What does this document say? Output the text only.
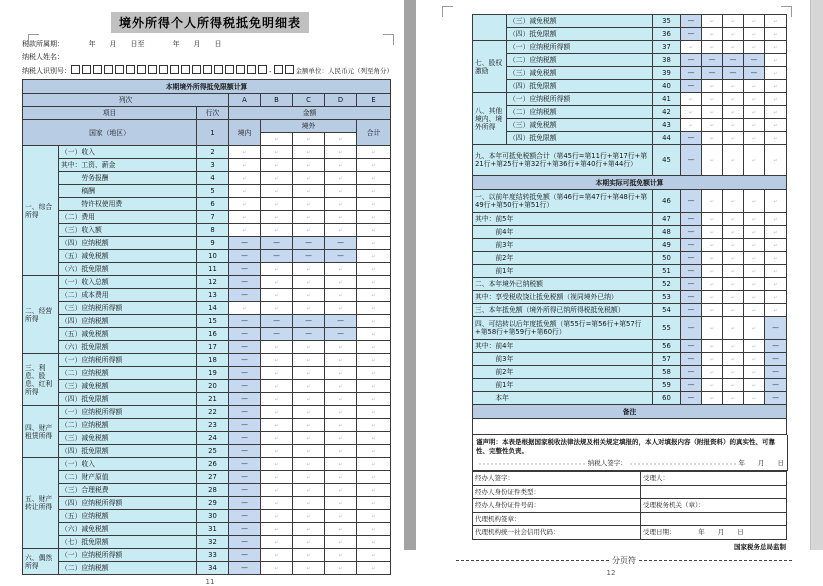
境外所得个人所得税抵免明细表
税款所属期：　　　　年　　月　　日至　　　　年　　月　　日
纳税人姓名：
纳税人识别号：	-	金额单位：人民币元（列至角分）
本期境外所得抵免限额计算							
列次			A	B	C	D	E
项目		行次	金额				
国家（地区）		1	境内	境外			合计
↵	↵	↵
一、综合所得	（一）收入	2	↵	↵	↵	↵	↵
	其中：工资、薪金	3	↵	↵	↵	↵	↵
	　　　劳务报酬	4	↵	↵	↵	↵	↵
	　　　稿酬	5	↵	↵	↵	↵	↵
	　　　特许权使用费	6	↵	↵	↵	↵	↵
	（二）费用	7	↵	↵	↵	↵	↵
	（三）收入额	8	↵	↵	↵	↵	↵
	（四）应纳税额	9	—	—	—	—	↵
	（五）减免税额	10	—	—	—	—	↵
	（六）抵免限额	11	—	↵	↵	↵	↵
二、经营所得	（一）收入总额	12	—	↵	↵	↵	↵
	（二）成本费用	13	—	↵	↵	↵	↵
	（三）应纳税所得额	14	↵	↵	↵	↵	↵
	（四）应纳税额	15	—	—	—	—	↵
	（五）减免税额	16	—	—	—	—	↵
	（六）抵免限额	17	—	↵	↵	↵	↵
三、利息、股息、红利所得	（一）应纳税所得额	18	—	↵	↵	↵	↵
	（二）应纳税额	19	—	↵	↵	↵	↵
	（三）减免税额	20	—	↵	↵	↵	↵
	（四）抵免限额	21	—	↵	↵	↵	↵
四、财产租赁所得	（一）应纳税所得额	22	—	↵	↵	↵	↵
	（二）应纳税额	23	—	↵	↵	↵	↵
	（三）减免税额	24	—	↵	↵	↵	↵
	（四）抵免限额	25	—	↵	↵	↵	↵
五、财产转让所得	（一）收入	26	—	↵	↵	↵	↵
	（二）财产原值	27	—	↵	↵	↵	↵
	（三）合理税费	28	—	↵	↵	↵	↵
	（四）应纳税所得额	29	—	↵	↵	↵	↵
	（五）应纳税额	30	—	↵	↵	↵	↵
	（六）减免税额	31	—	↵	↵	↵	↵
	（七）抵免限额	32	—	↵	↵	↵	↵
六、偶然所得	（一）应纳税所得额	33	—	↵	↵	↵	↵
	（二）应纳税额	34	—	↵	↵	↵	↵
11
	（三）减免税额	35	—	↵	↵	↵	↵
	（四）抵免限额	36	—	↵	↵	↵	↵
七、股权激励	（一）应纳税所得额	37	↵	↵	↵	↵	↵
	（二）应纳税额	38	—	—	—	—	↵
	（三）减免税额	39	—	—	—	—	↵
	（四）抵免限额	40	—	↵	↵	↵	↵
八、其他境内、境外所得	（一）应纳税所得额	41	↵	↵	↵	↵	↵
	（二）应纳税额	42	↵	↵	↵	↵	↵
	（三）减免税额	43	↵	↵	↵	↵	↵
	（四）抵免限额	44	—	↵	↵	↵	↵
九、本年可抵免税额合计（第45行=第11行+第17行+第21行+第25行+第32行+第36行+第40行+第44行）		45	—	↵	↵	↵	↵
本期实际可抵免额计算							
一、以前年度结转抵免额（第46行=第47行+第48行+第49行+第50行+第51行）		46	—	↵	↵	↵	↵
其中：前5年		47	—	↵	↵	↵	↵
　　　前4年		48	—	↵	↵	↵	↵
　　　前3年		49	—	↵	↵	↵	↵
　　　前2年		50	—	↵	↵	↵	↵
　　　前1年		51	—	↵	↵	↵	↵
二、本年境外已纳税额		52	—	↵	↵	↵	↵
其中：享受税收饶让抵免税额（视同境外已纳）		53	—	↵	↵	↵	↵
三、本年抵免额（境外所得已纳所得税抵免税额）		54	—	↵	↵	↵	↵
四、可结转以后年度抵免额（第55行=第56行+第57行+第58行+第59行+第60行）		55	—	↵	↵	↵	—
其中：前4年		56	—	↵	↵	↵	—
　　　前3年		57	—	↵	↵	↵	—
　　　前2年		58	—	↵	↵	↵	—
　　　前1年		59	—	↵	↵	↵	—
　　　本年		60	—	↵	↵	↵	—
备注							

谨声明：本表是根据国家税收法律法规及相关规定填报的，本人对填报内容（附报资料）的真实性、可靠性、完整性负责。
纳税人签字：	年　　月　　日
经办人签字：	受理人：
经办人身份证件类型：	
经办人身份证件号码：	受理税务机关（章）：
代理机构签章：	
代理机构统一社会信用代码：	受理日期：　　　　年　　月　　日
国家税务总局监制
分页符
12
